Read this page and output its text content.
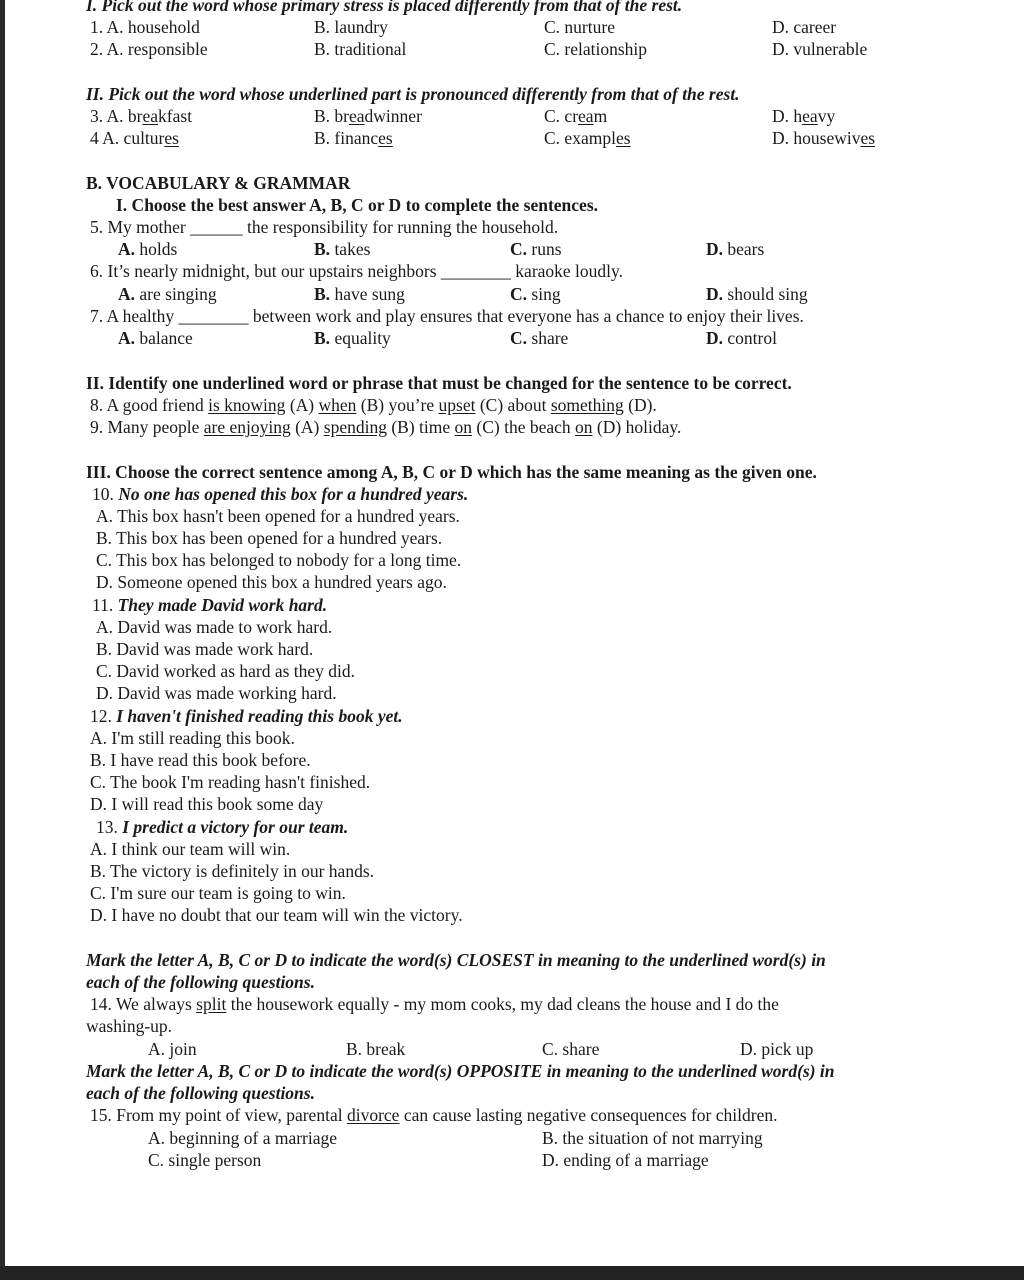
I. Pick out the word whose primary stress is placed differently from that of the rest.
1. A. household	B. laundry	C. nurture	D. career
2. A. responsible	B. traditional	C. relationship	D. vulnerable
II. Pick out the word whose underlined part is pronounced differently from that of the rest.
3. A. breakfast	B. breadwinner	C. cream	D. heavy
4 A. cultures	B. finances	C. examples	D. housewives
B. VOCABULARY & GRAMMAR
I. Choose the best answer A, B, C or D to complete the sentences.
5. My mother ______ the responsibility for running the household.
A. holds	B. takes	C. runs	D. bears
6. It’s nearly midnight, but our upstairs neighbors ________ karaoke loudly.
A. are singing	B. have sung	C. sing	D. should sing
7. A healthy ________ between work and play ensures that everyone has a chance to enjoy their lives.
A. balance	B. equality	C. share	D. control
II. Identify one underlined word or phrase that must be changed for the sentence to be correct.
8. A good friend is knowing (A) when (B) you’re upset (C) about something (D).
9. Many people are enjoying (A) spending (B) time on (C) the beach on (D) holiday.
III. Choose the correct sentence among A, B, C or D which has the same meaning as the given one.
10. No one has opened this box for a hundred years.
A. This box hasn't been opened for a hundred years.
B. This box has been opened for a hundred years.
C. This box has belonged to nobody for a long time.
D. Someone opened this box a hundred years ago.
11. They made David work hard.
A. David was made to work hard.
B. David was made work hard.
C. David worked as hard as they did.
D. David was made working hard.
12. I haven't finished reading this book yet.
A. I'm still reading this book.
B. I have read this book before.
C. The book I'm reading hasn't finished.
D. I will read this book some day
13. I predict a victory for our team.
A. I think our team will win.
B. The victory is definitely in our hands.
C. I'm sure our team is going to win.
D. I have no doubt that our team will win the victory.
Mark the letter A, B, C or D to indicate the word(s) CLOSEST in meaning to the underlined word(s) in
each of the following questions.
14. We always split the housework equally - my mom cooks, my dad cleans the house and I do the
washing-up.
A. join	B. break	C. share	D. pick up
Mark the letter A, B, C or D to indicate the word(s) OPPOSITE in meaning to the underlined word(s) in
each of the following questions.
15. From my point of view, parental divorce can cause lasting negative consequences for children.
A. beginning of a marriage	B. the situation of not marrying
C. single person	D. ending of a marriage
